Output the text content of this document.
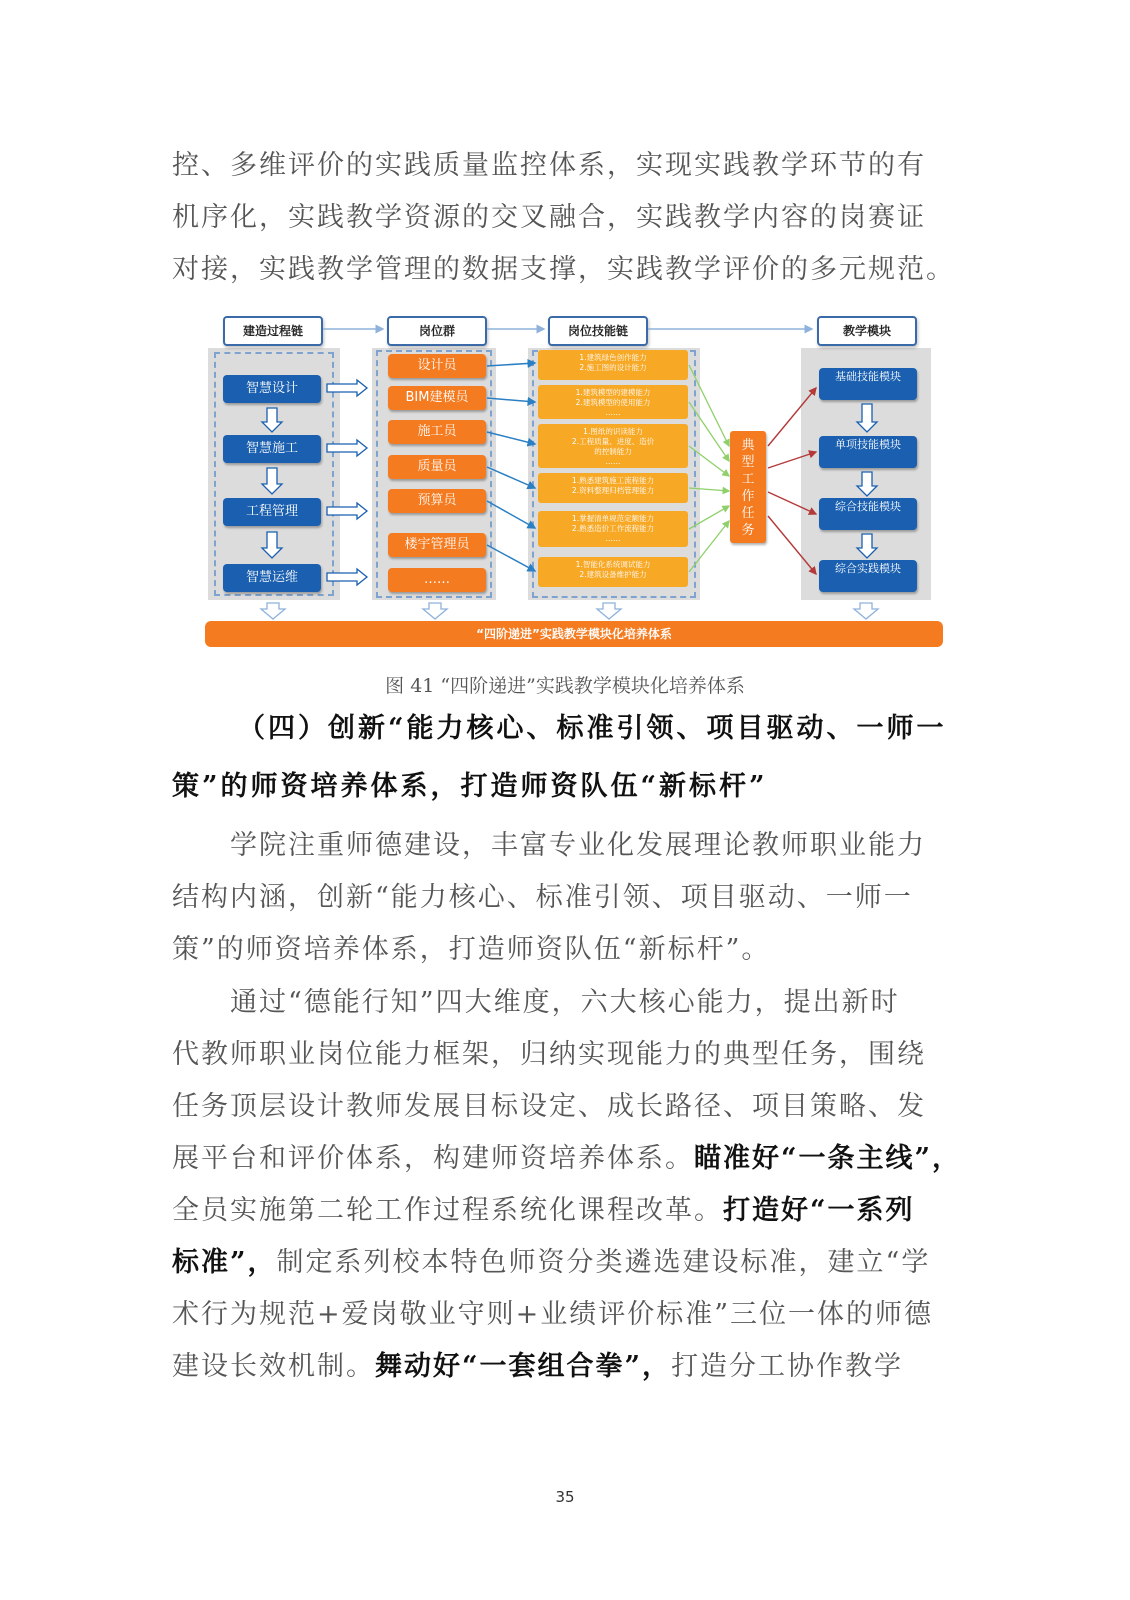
控、多维评价的实践质量监控体系，实现实践教学环节的有
机序化，实践教学资源的交叉融合，实践教学内容的岗赛证
对接，实践教学管理的数据支撑，实践教学评价的多元规范。
建造过程链	岗位群	岗位技能链	教学模块
智慧设计
智慧施工
工程管理
智慧运维
设计员
BIM建模员
施工员
质量员
预算员
楼宇管理员
……
1.建筑绿色创作能力
2.施工图的设计能力
1.建筑模型的建模能力
2.建筑模型的使用能力
……
1.图纸的识读能力
2.工程质量、进度、造价
的控制能力
……
1.熟悉建筑施工流程能力
2.资料整理归档管理能力
1.掌握清单规范定额能力
2.熟悉造价工作流程能力
……
1.智能化系统调试能力
2.建筑设备维护能力
典型工作任务
基础技能模块
单项技能模块
综合技能模块
综合实践模块
“四阶递进”实践教学模块化培养体系
图 41 “四阶递进”实践教学模块化培养体系
（四）创新“能力核心、标准引领、项目驱动、一师一
策”的师资培养体系，打造师资队伍“新标杆”
学院注重师德建设，丰富专业化发展理论教师职业能力
结构内涵，创新“能力核心、标准引领、项目驱动、一师一
策”的师资培养体系，打造师资队伍“新标杆”。
通过“德能行知”四大维度，六大核心能力，提出新时
代教师职业岗位能力框架，归纳实现能力的典型任务，围绕
任务顶层设计教师发展目标设定、成长路径、项目策略、发
展平台和评价体系，构建师资培养体系。瞄准好“一条主线”，
全员实施第二轮工作过程系统化课程改革。打造好“一系列
标准”，制定系列校本特色师资分类遴选建设标准，建立“学
术行为规范+爱岗敬业守则+业绩评价标准”三位一体的师德
建设长效机制。舞动好“一套组合拳”，打造分工协作教学
35
